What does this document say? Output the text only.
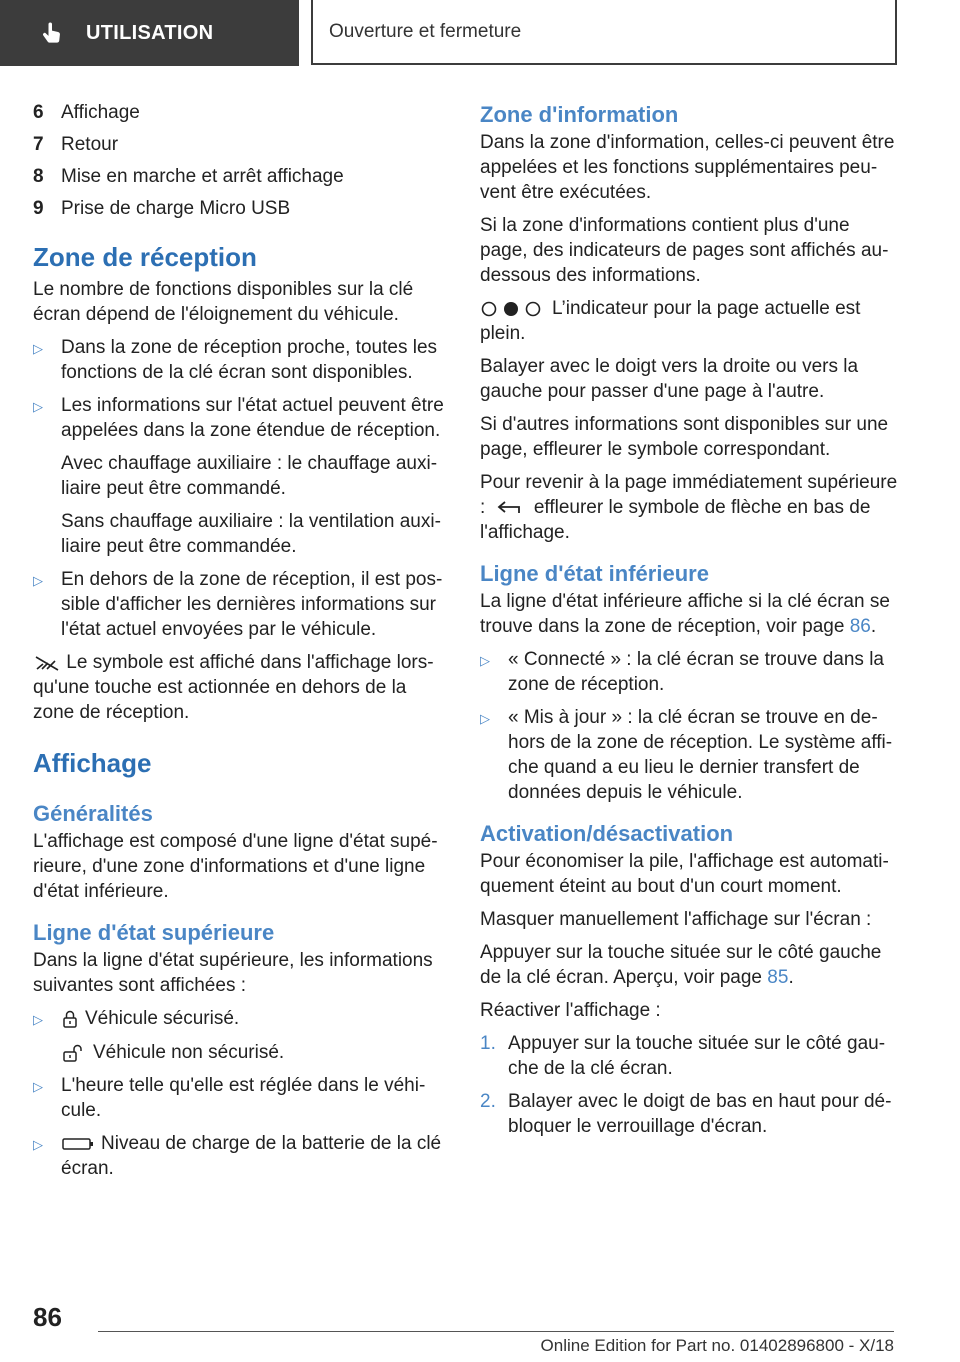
UTILISATION	Ouverture et fermeture
6 Affichage
7 Retour
8 Mise en marche et arrêt affichage
9 Prise de charge Micro USB
Zone de réception

Le nombre de fonctions disponibles sur la clé écran dépend de l'éloignement du véhicule.

▷ Dans la zone de réception proche, toutes les fonctions de la clé écran sont disponibles.
▷ Les informations sur l'état actuel peuvent être appelées dans la zone étendue de réception.
Avec chauffage auxiliaire : le chauffage auxiliaire peut être commandé.
Sans chauffage auxiliaire : la ventilation auxiliaire peut être commandée.
▷ En dehors de la zone de réception, il est possible d'afficher les dernières informations sur l'état actuel envoyées par le véhicule.

Le symbole est affiché dans l'affichage lorsqu'une touche est actionnée en dehors de la zone de réception.

Affichage
Généralités

L'affichage est composé d'une ligne d'état supérieure, d'une zone d'informations et d'une ligne d'état inférieure.

Ligne d'état supérieure

Dans la ligne d'état supérieure, les informations suivantes sont affichées :

▷	Véhicule sécurisé.
Véhicule non sécurisé.
▷ L'heure telle qu'elle est réglée dans le véhicule.
▷	Niveau de charge de la batterie de la clé écran.
Zone d'information

Dans la zone d'information, celles-ci peuvent être appelées et les fonctions supplémentaires peuvent être exécutées.

Si la zone d'informations contient plus d'une page, des indicateurs de pages sont affichés au-dessous des informations.

L’indicateur pour la page actuelle est plein.

Balayer avec le doigt vers la droite ou vers la gauche pour passer d'une page à l'autre.

Si d'autres informations sont disponibles sur une page, effleurer le symbole correspondant.

Pour revenir à la page immédiatement supérieure :	effleurer le symbole de flèche en bas de l'affichage.

Ligne d'état inférieure

La ligne d'état inférieure affiche si la clé écran se trouve dans la zone de réception, voir page 86.

▷ « Connecté » : la clé écran se trouve dans la zone de réception.
▷ « Mis à jour » : la clé écran se trouve en dehors de la zone de réception. Le système affiche quand a eu lieu le dernier transfert de données depuis le véhicule.
Activation/désactivation

Pour économiser la pile, l'affichage est automatiquement éteint au bout d'un court moment.

Masquer manuellement l'affichage sur l'écran :

Appuyer sur la touche située sur le côté gauche de la clé écran. Aperçu, voir page 85.

Réactiver l'affichage :

1. Appuyer sur la touche située sur le côté gauche de la clé écran.
2. Balayer avec le doigt de bas en haut pour débloquer le verrouillage d'écran.
86
Online Edition for Part no. 01402896800 - X/18
